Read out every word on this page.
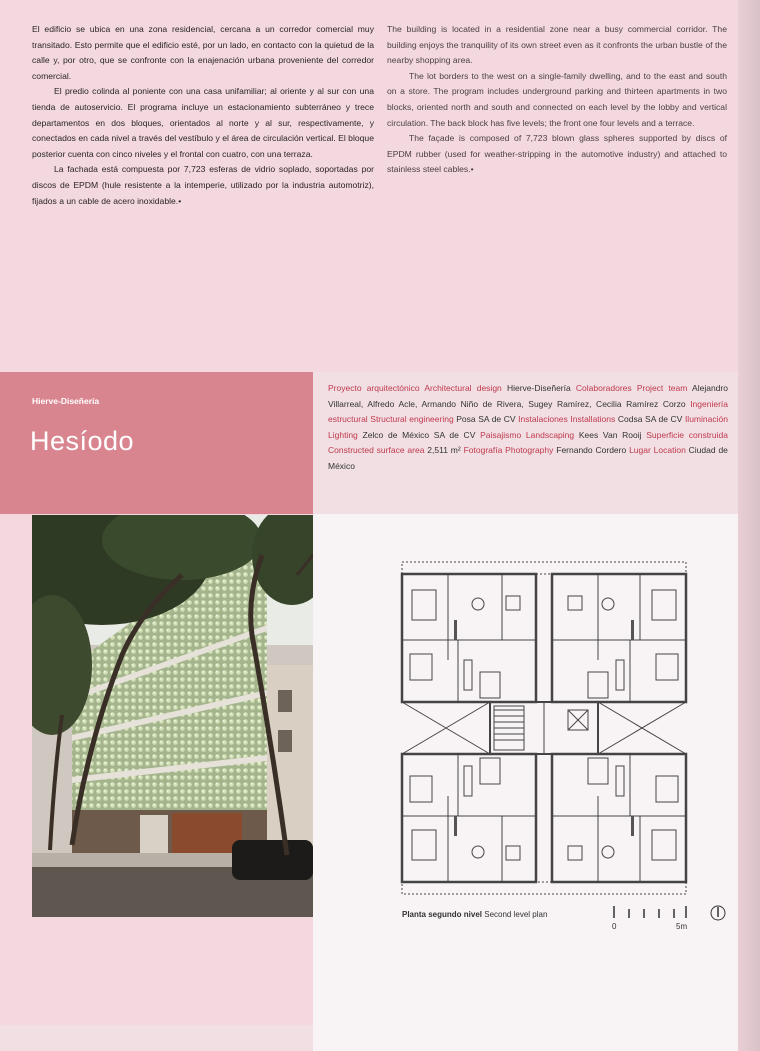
El edificio se ubica en una zona residencial, cercana a un corredor comercial muy transitado. Esto permite que el edificio esté, por un lado, en contacto con la quietud de la calle y, por otro, que se confronte con la enajenación urbana proveniente del corredor comercial.

El predio colinda al poniente con una casa unifamiliar; al oriente y al sur con una tienda de autoservicio. El programa incluye un estacionamiento subterráneo y trece departamentos en dos bloques, orientados al norte y al sur, respectivamente, y conectados en cada nivel a través del vestíbulo y el área de circulación vertical. El bloque posterior cuenta con cinco niveles y el frontal con cuatro, con una terraza.

La fachada está compuesta por 7,723 esferas de vidrio soplado, soportadas por discos de EPDM (hule resistente a la intemperie, utilizado por la industria automotriz), fijados a un cable de acero inoxidable.•

The building is located in a residential zone near a busy commercial corridor. The building enjoys the tranquility of its own street even as it confronts the urban bustle of the nearby shopping area.

The lot borders to the west on a single-family dwelling, and to the east and south on a store. The program includes underground parking and thirteen apartments in two blocks, oriented north and south and connected on each level by the lobby and vertical circulation. The back block has five levels; the front one four levels and a terrace.

The façade is composed of 7,723 blown glass spheres supported by discs of EPDM rubber (used for weather-stripping in the automotive industry) and attached to stainless steel cables.•

Hierve-Diseñería
Hesíodo
Proyecto arquitectónico Architectural design Hierve-Diseñería Colaboradores Project team Alejandro Villarreal, Alfredo Acle, Armando Niño de Rivera, Sugey Ramírez, Cecilia Ramírez Corzo Ingeniería estructural Structural engineering Posa SA de CV Instalaciones Installations Codsa SA de CV Iluminación Lighting Zelco de México SA de CV Paisajismo Landscaping Kees Van Rooij Superficie construida Constructed surface area 2,511 m² Fotografía Photography Fernando Cordero Lugar Location Ciudad de México
Planta segundo nivel Second level plan
0	5m
